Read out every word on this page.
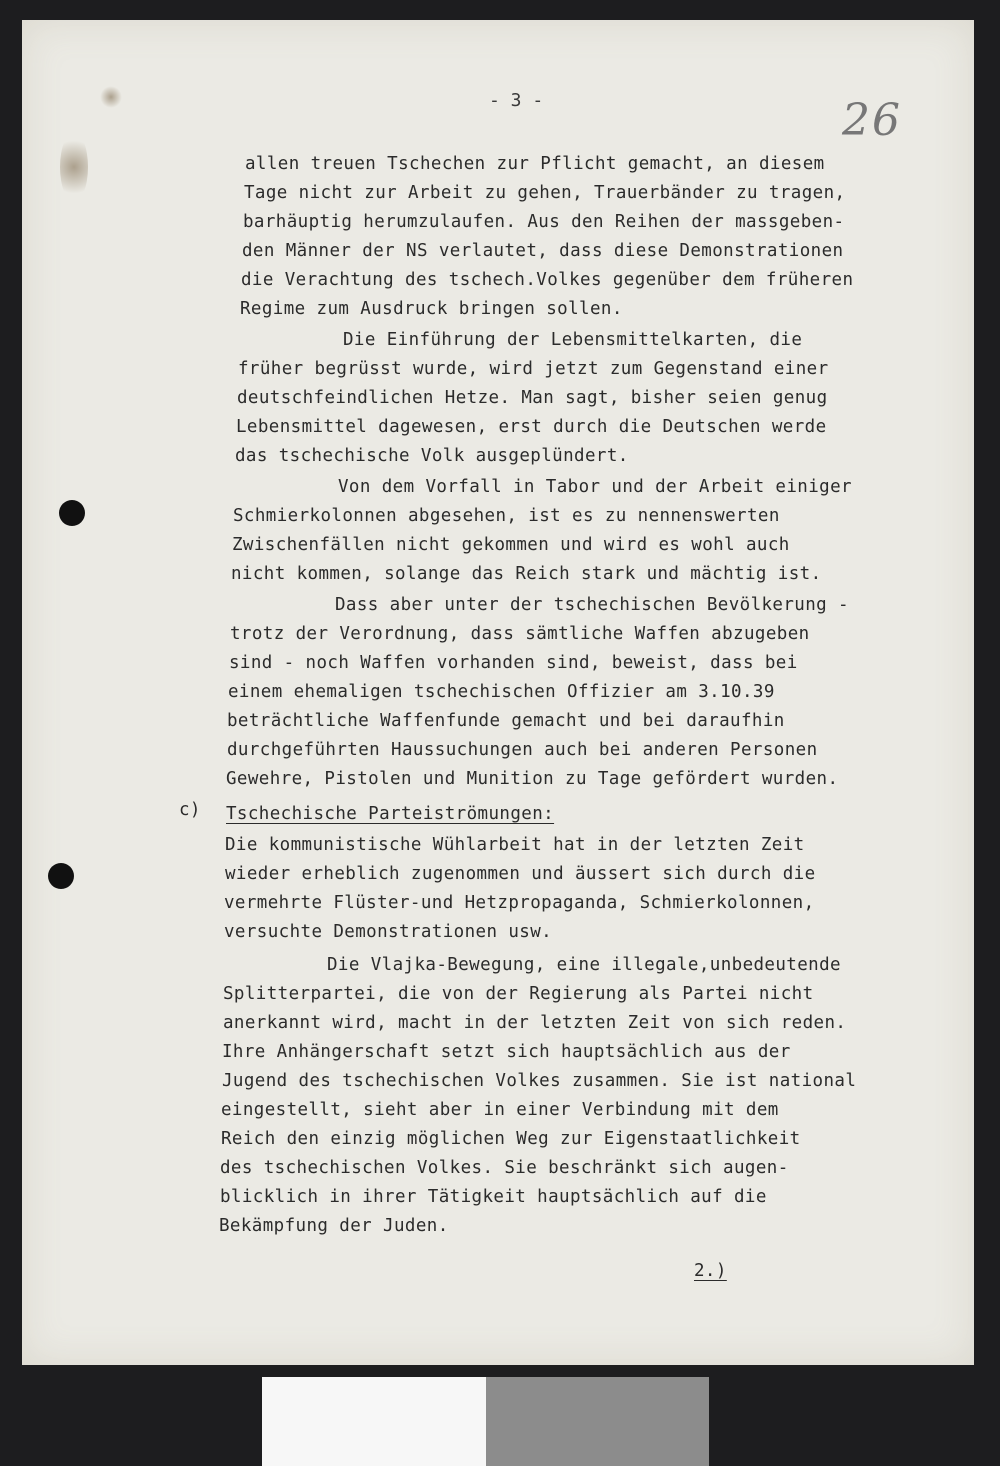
- 3 -	26
allen treuen Tschechen zur Pflicht gemacht, an diesem
Tage nicht zur Arbeit zu gehen, Trauerbänder zu tragen,
barhäuptig herumzulaufen. Aus den Reihen der massgeben-
den Männer der NS verlautet, dass diese Demonstrationen
die Verachtung des tschech.Volkes gegenüber dem früheren
Regime zum Ausdruck bringen sollen.
Die Einführung der Lebensmittelkarten, die
früher begrüsst wurde, wird jetzt zum Gegenstand einer
deutschfeindlichen Hetze. Man sagt, bisher seien genug
Lebensmittel dagewesen, erst durch die Deutschen werde
das tschechische Volk ausgeplündert.
Von dem Vorfall in Tabor und der Arbeit einiger
Schmierkolonnen abgesehen, ist es zu nennenswerten
Zwischenfällen nicht gekommen und wird es wohl auch
nicht kommen, solange das Reich stark und mächtig ist.
Dass aber unter der tschechischen Bevölkerung -
trotz der Verordnung, dass sämtliche Waffen abzugeben
sind - noch Waffen vorhanden sind, beweist, dass bei
einem ehemaligen tschechischen Offizier am 3.10.39
beträchtliche Waffenfunde gemacht und bei daraufhin
durchgeführten Haussuchungen auch bei anderen Personen
Gewehre, Pistolen und Munition zu Tage gefördert wurden.
c) Tschechische Parteiströmungen:
Die kommunistische Wühlarbeit hat in der letzten Zeit
wieder erheblich zugenommen und äussert sich durch die
vermehrte Flüster-und Hetzpropaganda, Schmierkolonnen,
versuchte Demonstrationen usw.
Die Vlajka-Bewegung, eine illegale,unbedeutende
Splitterpartei, die von der Regierung als Partei nicht
anerkannt wird, macht in der letzten Zeit von sich reden.
Ihre Anhängerschaft setzt sich hauptsächlich aus der
Jugend des tschechischen Volkes zusammen. Sie ist national
eingestellt, sieht aber in einer Verbindung mit dem
Reich den einzig möglichen Weg zur Eigenstaatlichkeit
des tschechischen Volkes. Sie beschränkt sich augen-
blicklich in ihrer Tätigkeit hauptsächlich auf die
Bekämpfung der Juden.
2.)
